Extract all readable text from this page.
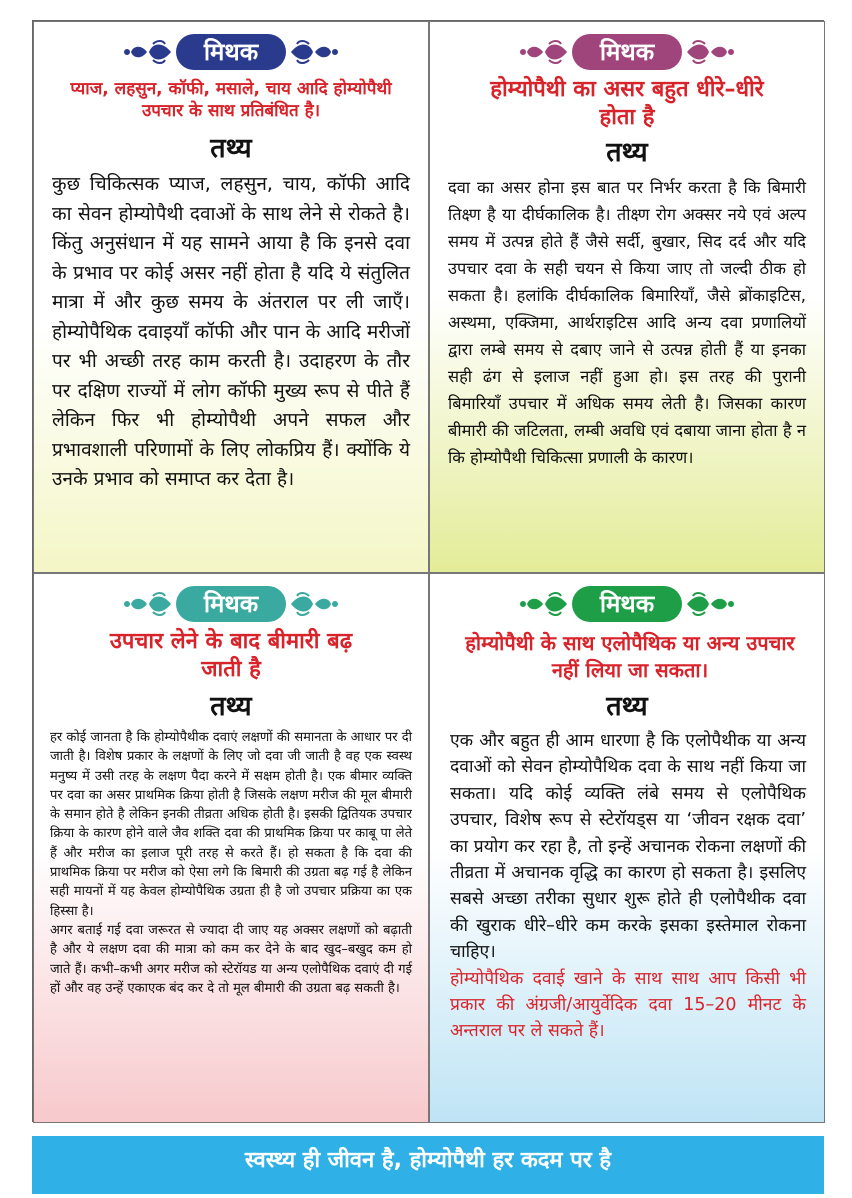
मिथक
प्याज, लहसुन, कॉफी, मसाले, चाय आदि होम्योपैथी उपचार के साथ प्रतिबंधित है।
तथ्य

कुछ चिकित्सक प्याज, लहसुन, चाय, कॉफी आदि का सेवन होम्योपैथी दवाओं के साथ लेने से रोकते है। किंतु अनुसंधान में यह सामने आया है कि इनसे दवा के प्रभाव पर कोई असर नहीं होता है यदि ये संतुलित मात्रा में और कुछ समय के अंतराल पर ली जाएँ। होम्योपैथिक दवाइयाँ कॉफी और पान के आदि मरीजों पर भी अच्छी तरह काम करती है। उदाहरण के तौर पर दक्षिण राज्यों में लोग कॉफी मुख्य रूप से पीते हैं लेकिन फिर भी होम्योपैथी अपने सफल और प्रभावशाली परिणामों के लिए लोकप्रिय हैं। क्योंकि ये उनके प्रभाव को समाप्त कर देता है।

मिथक
होम्योपैथी का असर बहुत धीरे–धीरे होता है
तथ्य

दवा का असर होना इस बात पर निर्भर करता है कि बिमारी तिक्ष्ण है या दीर्घकालिक है। तीक्ष्ण रोग अक्सर नये एवं अल्प समय में उत्पन्न होते हैं जैसे सर्दी, बुखार, सिद दर्द और यदि उपचार दवा के सही चयन से किया जाए तो जल्दी ठीक हो सकता है। हलांकि दीर्घकालिक बिमारियाँ, जैसे ब्रोंकाइटिस, अस्थमा, एक्जिमा, आर्थराइटिस आदि अन्य दवा प्रणालियों द्वारा लम्बे समय से दबाए जाने से उत्पन्न होती हैं या इनका सही ढंग से इलाज नहीं हुआ हो। इस तरह की पुरानी बिमारियाँ उपचार में अधिक समय लेती है। जिसका कारण बीमारी की जटिलता, लम्बी अवधि एवं दबाया जाना होता है न कि होम्योपैथी चिकित्सा प्रणाली के कारण।

मिथक
उपचार लेने के बाद बीमारी बढ़ जाती है
तथ्य

हर कोई जानता है कि होम्योपैथीक दवाएं लक्षणों की समानता के आधार पर दी जाती है। विशेष प्रकार के लक्षणों के लिए जो दवा जी जाती है वह एक स्वस्थ मनुष्य में उसी तरह के लक्षण पैदा करने में सक्षम होती है। एक बीमार व्यक्ति पर दवा का असर प्राथमिक क्रिया होती है जिसके लक्षण मरीज की मूल बीमारी के समान होते है लेकिन इनकी तीव्रता अधिक होती है। इसकी द्वितियक उपचार क्रिया के कारण होने वाले जैव शक्ति दवा की प्राथमिक क्रिया पर काबू पा लेते हैं और मरीज का इलाज पूरी तरह से करते हैं। हो सकता है कि दवा की प्राथमिक क्रिया पर मरीज को ऐसा लगे कि बिमारी की उग्रता बढ़ गई है लेकिन सही मायनों में यह केवल होम्योपैथिक उग्रता ही है जो उपचार प्रक्रिया का एक हिस्सा है।

अगर बताई गई दवा जरूरत से ज्यादा दी जाए यह अक्सर लक्षणों को बढ़ाती है और ये लक्षण दवा की मात्रा को कम कर देने के बाद खुद–बखुद कम हो जाते हैं। कभी–कभी अगर मरीज को स्टेरॉयड या अन्य एलोपैथिक दवाएं दी गई हों और वह उन्हें एकाएक बंद कर दे तो मूल बीमारी की उग्रता बढ़ सकती है।

मिथक
होम्योपैथी के साथ एलोपैथिक या अन्य उपचार नहीं लिया जा सकता।
तथ्य

एक और बहुत ही आम धारणा है कि एलोपैथीक या अन्य दवाओं को सेवन होम्योपैथिक दवा के साथ नहीं किया जा सकता। यदि कोई व्यक्ति लंबे समय से एलोपैथिक उपचार, विशेष रूप से स्टेरॉयड्स या ‘जीवन रक्षक दवा’ का प्रयोग कर रहा है, तो इन्हें अचानक रोकना लक्षणों की तीव्रता में अचानक वृद्धि का कारण हो सकता है। इसलिए सबसे अच्छा तरीका सुधार शुरू होते ही एलोपैथीक दवा की खुराक धीरे–धीरे कम करके इसका इस्तेमाल रोकना चाहिए।

होम्योपैथिक दवाई खाने के साथ साथ आप किसी भी प्रकार की अंग्रजी/आयुर्वेदिक दवा 15–20 मीनट के अन्तराल पर ले सकते हैं।

स्वस्थ्य ही जीवन है, होम्योपैथी हर कदम पर है
